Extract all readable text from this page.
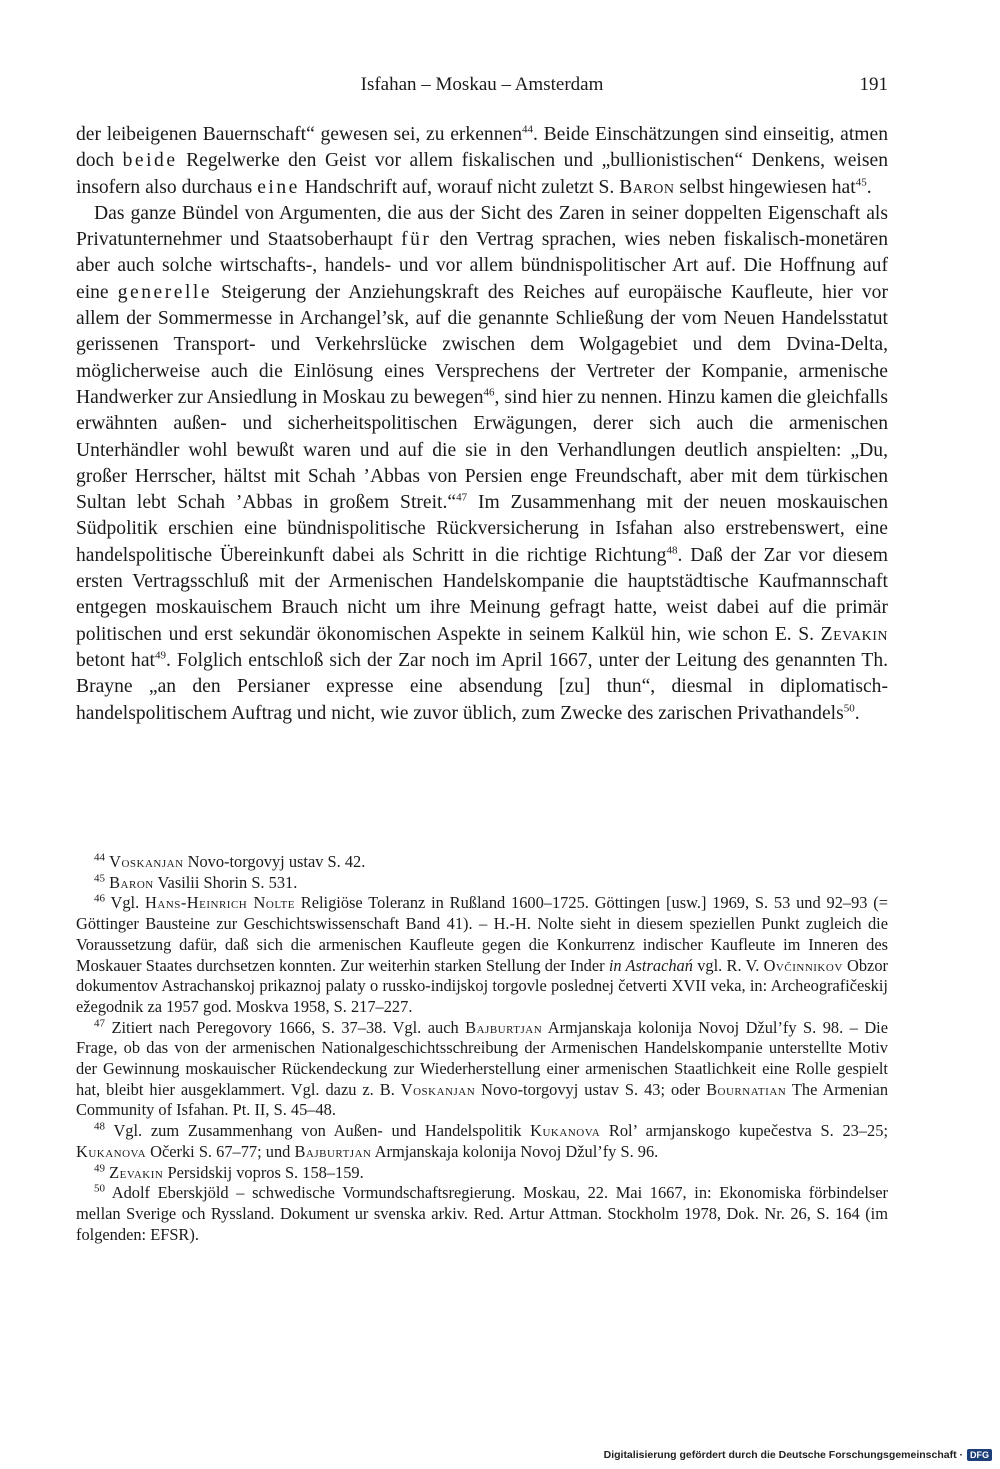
Isfahan – Moskau – Amsterdam	191

der leibeigenen Bauernschaft“ gewesen sei, zu erkennen$^{44}$. Beide Einschätzungen sind einseitig, atmen doch beide Regelwerke den Geist vor allem fiskalischen und „bullionistischen“ Denkens, weisen insofern also durchaus eine Handschrift auf, worauf nicht zuletzt S. Baron selbst hingewiesen hat$^{45}$.

Das ganze Bündel von Argumenten, die aus der Sicht des Zaren in seiner doppelten Eigenschaft als Privatunternehmer und Staatsoberhaupt für den Vertrag sprachen, wies neben fiskalisch-monetären aber auch solche wirtschafts-, handels- und vor allem bündnispolitischer Art auf. Die Hoffnung auf eine generelle Steigerung der Anziehungskraft des Reiches auf europäische Kaufleute, hier vor allem der Sommermesse in Archangel’sk, auf die genannte Schließung der vom Neuen Handelsstatut gerissenen Transport- und Verkehrslücke zwischen dem Wolgagebiet und dem Dvina-Delta, möglicherweise auch die Einlösung eines Versprechens der Vertreter der Kompanie, armenische Handwerker zur Ansiedlung in Moskau zu bewegen$^{46}$, sind hier zu nennen. Hinzu kamen die gleichfalls erwähnten außen- und sicherheitspolitischen Erwägungen, derer sich auch die armenischen Unterhändler wohl bewußt waren und auf die sie in den Verhandlungen deutlich anspielten: „Du, großer Herrscher, hältst mit Schah ’Abbas von Persien enge Freundschaft, aber mit dem türkischen Sultan lebt Schah ’Abbas in großem Streit.“$^{47}$ Im Zusammenhang mit der neuen moskauischen Südpolitik erschien eine bündnispolitische Rückversicherung in Isfahan also erstrebenswert, eine handelspolitische Übereinkunft dabei als Schritt in die richtige Richtung$^{48}$. Daß der Zar vor diesem ersten Vertragsschluß mit der Armenischen Handelskompanie die hauptstädtische Kaufmannschaft entgegen moskauischem Brauch nicht um ihre Meinung gefragt hatte, weist dabei auf die primär politischen und erst sekundär ökonomischen Aspekte in seinem Kalkül hin, wie schon E. S. Zevakin betont hat$^{49}$. Folglich entschloß sich der Zar noch im April 1667, unter der Leitung des genannten Th. Brayne „an den Persianer expresse eine absendung [zu] thun“, diesmal in diplomatisch-handelspolitischem Auftrag und nicht, wie zuvor üblich, zum Zwecke des zarischen Privathandels$^{50}$.

$^{44}$ Voskanjan Novo-torgovyj ustav S. 42.

$^{45}$ Baron Vasilii Shorin S. 531.

$^{46}$ Vgl. Hans-Heinrich Nolte Religiöse Toleranz in Rußland 1600–1725. Göttingen [usw.] 1969, S. 53 und 92–93 (= Göttinger Bausteine zur Geschichtswissenschaft Band 41). – H.-H. Nolte sieht in diesem speziellen Punkt zugleich die Voraussetzung dafür, daß sich die armenischen Kaufleute gegen die Konkurrenz indischer Kaufleute im Inneren des Moskauer Staates durchsetzen konnten. Zur weiterhin starken Stellung der Inder in Astrachań vgl. R. V. Ovčinnikov Obzor dokumentov Astrachanskoj prikaznoj palaty o russko-indijskoj torgovle poslednej četverti XVII veka, in: Archeografičeskij ežegodnik za 1957 god. Moskva 1958, S. 217–227.

$^{47}$ Zitiert nach Peregovory 1666, S. 37–38. Vgl. auch Bajburtjan Armjanskaja kolonija Novoj Džul’fy S. 98. – Die Frage, ob das von der armenischen Nationalgeschichtsschreibung der Armenischen Handelskompanie unterstellte Motiv der Gewinnung moskauischer Rückendeckung zur Wiederherstellung einer armenischen Staatlichkeit eine Rolle gespielt hat, bleibt hier ausgeklammert. Vgl. dazu z. B. Voskanjan Novo-torgovyj ustav S. 43; oder Bournatian The Armenian Community of Isfahan. Pt. II, S. 45–48.

$^{48}$ Vgl. zum Zusammenhang von Außen- und Handelspolitik Kukanova Rol’ armjanskogo kupečestva S. 23–25; Kukanova Očerki S. 67–77; und Bajburtjan Armjanskaja kolonija Novoj Džul’fy S. 96.

$^{49}$ Zevakin Persidskij vopros S. 158–159.

$^{50}$ Adolf Eberskjöld – schwedische Vormundschaftsregierung. Moskau, 22. Mai 1667, in: Ekonomiska förbindelser mellan Sverige och Ryssland. Dokument ur svenska arkiv. Red. Artur Attman. Stockholm 1978, Dok. Nr. 26, S. 164 (im folgenden: EFSR).

Digitalisierung gefördert durch die Deutsche Forschungsgemeinschaft · DFG
